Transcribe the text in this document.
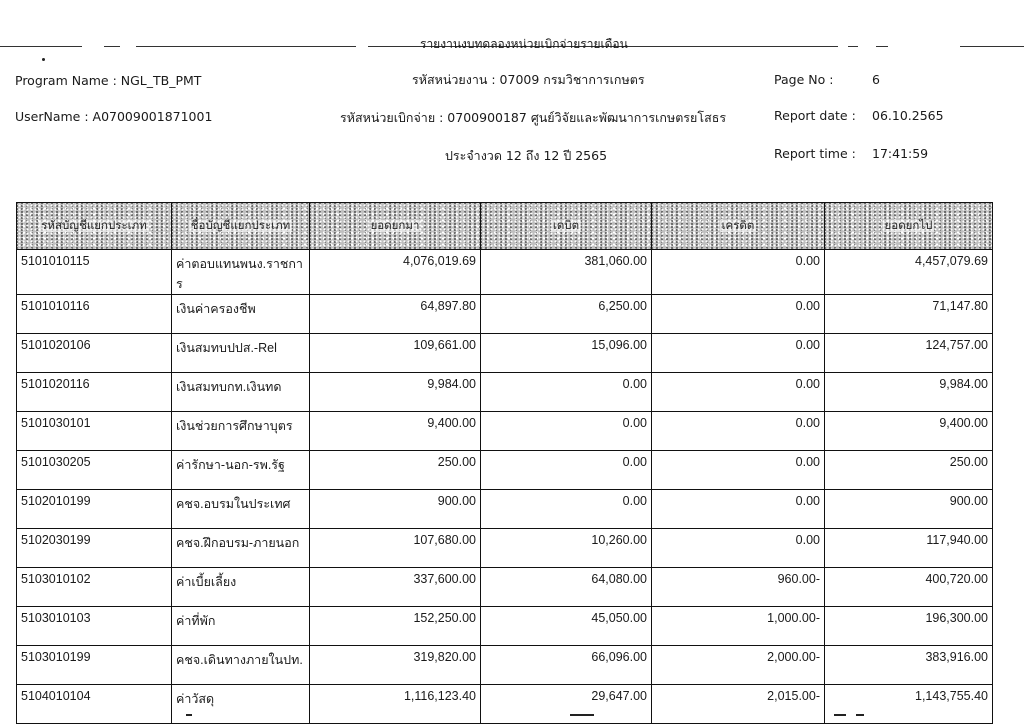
รายงานงบทดลองหน่วยเบิกจ่ายรายเดือน
Program Name : NGL_TB_PMT
UserName : A07009001871001
รหัสหน่วยงาน : 07009 กรมวิชาการเกษตร
รหัสหน่วยเบิกจ่าย : 0700900187 ศูนย์วิจัยและพัฒนาการเกษตรยโสธร
ประจำงวด 12 ถึง 12 ปี 2565
Page No :	6
Report date : 06.10.2565
Report time : 17:41:59
รหัสบัญชีแยกประเภท	ชื่อบัญชีแยกประเภท	ยอดยกมา	เดบิต	เครดิต	ยอดยกไป
5101010115	ค่าตอบแทนพนง.ราชการ	4,076,019.69	381,060.00	0.00	4,457,079.69
5101010116	เงินค่าครองชีพ	64,897.80	6,250.00	0.00	71,147.80
5101020106	เงินสมทบปปส.-Rel	109,661.00	15,096.00	0.00	124,757.00
5101020116	เงินสมทบกท.เงินทด	9,984.00	0.00	0.00	9,984.00
5101030101	เงินช่วยการศึกษาบุตร	9,400.00	0.00	0.00	9,400.00
5101030205	ค่ารักษา-นอก-รพ.รัฐ	250.00	0.00	0.00	250.00
5102010199	คชจ.อบรมในประเทศ	900.00	0.00	0.00	900.00
5102030199	คชจ.ฝึกอบรม-ภายนอก	107,680.00	10,260.00	0.00	117,940.00
5103010102	ค่าเบี้ยเลี้ยง	337,600.00	64,080.00	960.00-	400,720.00
5103010103	ค่าที่พัก	152,250.00	45,050.00	1,000.00-	196,300.00
5103010199	คชจ.เดินทางภายในปท.	319,820.00	66,096.00	2,000.00-	383,916.00
5104010104	ค่าวัสดุ	1,116,123.40	29,647.00	2,015.00-	1,143,755.40
